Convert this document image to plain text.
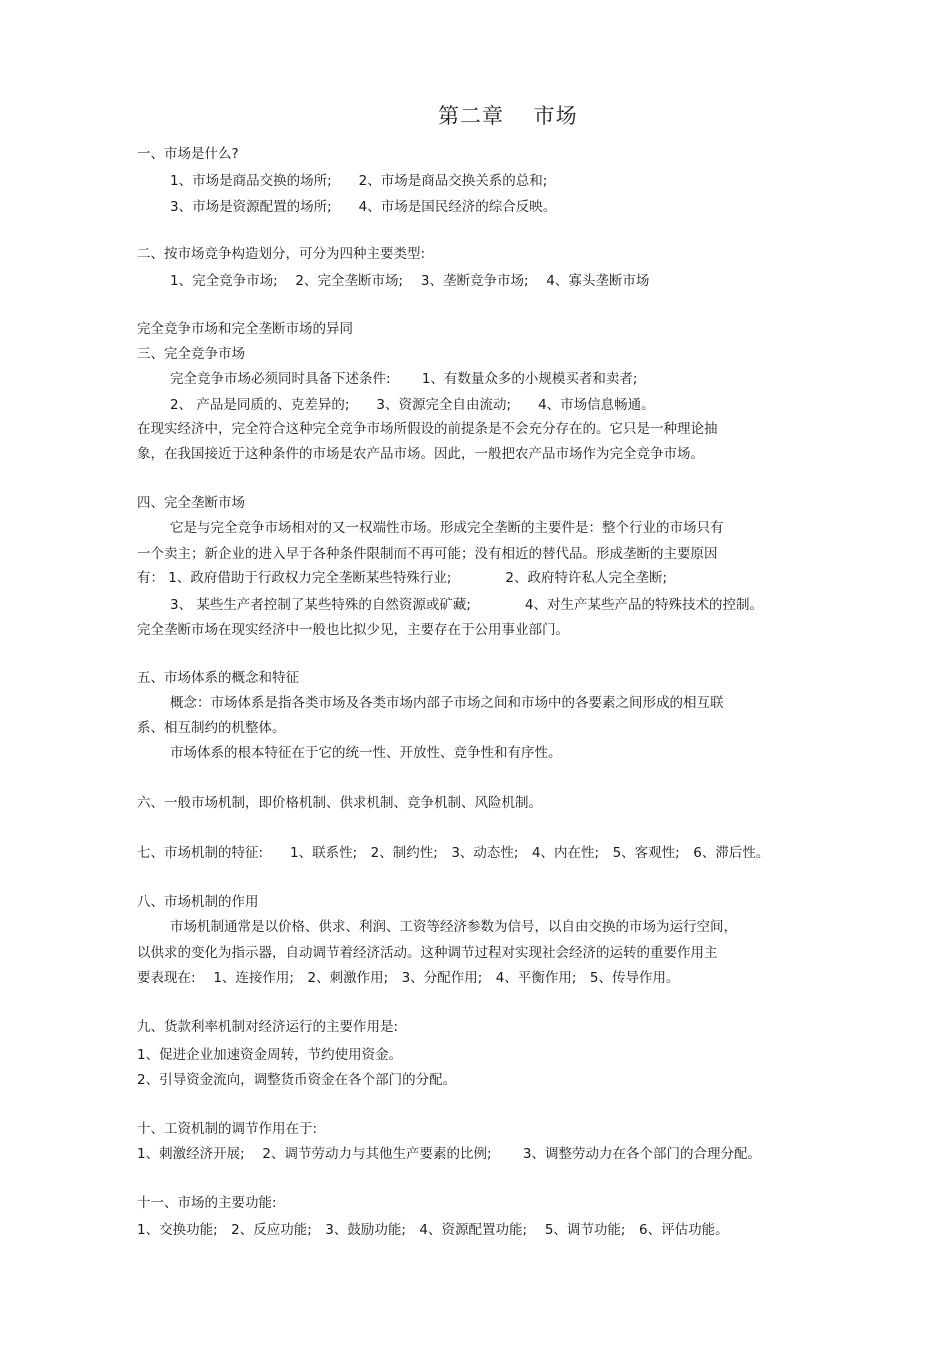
第二章　 市场
一、市场是什么?
1、市场是商品交换的场所;　　2、市场是商品交换关系的总和;
3、市场是资源配置的场所;　　4、市场是国民经济的综合反映。
二、按市场竞争构造划分，可分为四种主要类型:
1、完全竞争市场;　 2、完全垄断市场;　 3、垄断竞争市场;　 4、寡头垄断市场
完全竞争市场和完全垄断市场的异同
三、完全竞争市场
完全竞争市场必须同时具备下述条件:　　 1、有数量众多的小规模买者和卖者;
2、 产品是同质的、克差异的;　　3、资源完全自由流动;　　4、市场信息畅通。
在现实经济中，完全符合这种完全竞争市场所假设的前提条是不会充分存在的。它只是一种理论抽
象，在我国接近于这种条件的市场是农产品市场。因此，一般把农产品市场作为完全竞争市场。
四、完全垄断市场
它是与完全竞争市场相对的又一权端性市场。形成完全垄断的主要件是：整个行业的市场只有
一个卖主；新企业的进入早于各种条件限制而不再可能；没有相近的替代品。形成垄断的主要原因
有： 1、政府借助于行政权力完全垄断某些特殊行业;　　　　2、政府特许私人完全垄断;
3、 某些生产者控制了某些特殊的自然资源或矿藏;　　　　4、对生产某些产品的特殊技术的控制。
完全垄断市场在现实经济中一般也比拟少见，主要存在于公用事业部门。
五、市场体系的概念和特征
概念：市场体系是指各类市场及各类市场内部子市场之间和市场中的各要素之间形成的相互联
系、相互制约的机整体。
市场体系的根本特征在于它的统一性、开放性、竞争性和有序性。
六、一般市场机制，即价格机制、供求机制、竞争机制、风险机制。
七、市场机制的特征:　　1、联系性;　2、制约性;　3、动态性;　4、内在性;　5、客观性;　6、滞后性。
八、市场机制的作用
市场机制通常是以价格、供求、利润、工资等经济参数为信号，以自由交换的市场为运行空间，
以供求的变化为指示器，自动调节着经济活动。这种调节过程对实现社会经济的运转的重要作用主
要表现在: 　1、连接作用;　2、刺激作用;　3、分配作用;　4、平衡作用;　5、传导作用。
九、货款利率机制对经济运行的主要作用是:
1、促进企业加速资金周转，节约使用资金。
2、引导资金流向，调整货币资金在各个部门的分配。
十、工资机制的调节作用在于:
1、刺激经济开展;　 2、调节劳动力与其他生产要素的比例;　　 3、调整劳动力在各个部门的合理分配。
十一、市场的主要功能:
1、交换功能;　2、反应功能;　3、鼓励功能;　4、资源配置功能;　 5、调节功能;　6、评估功能。
